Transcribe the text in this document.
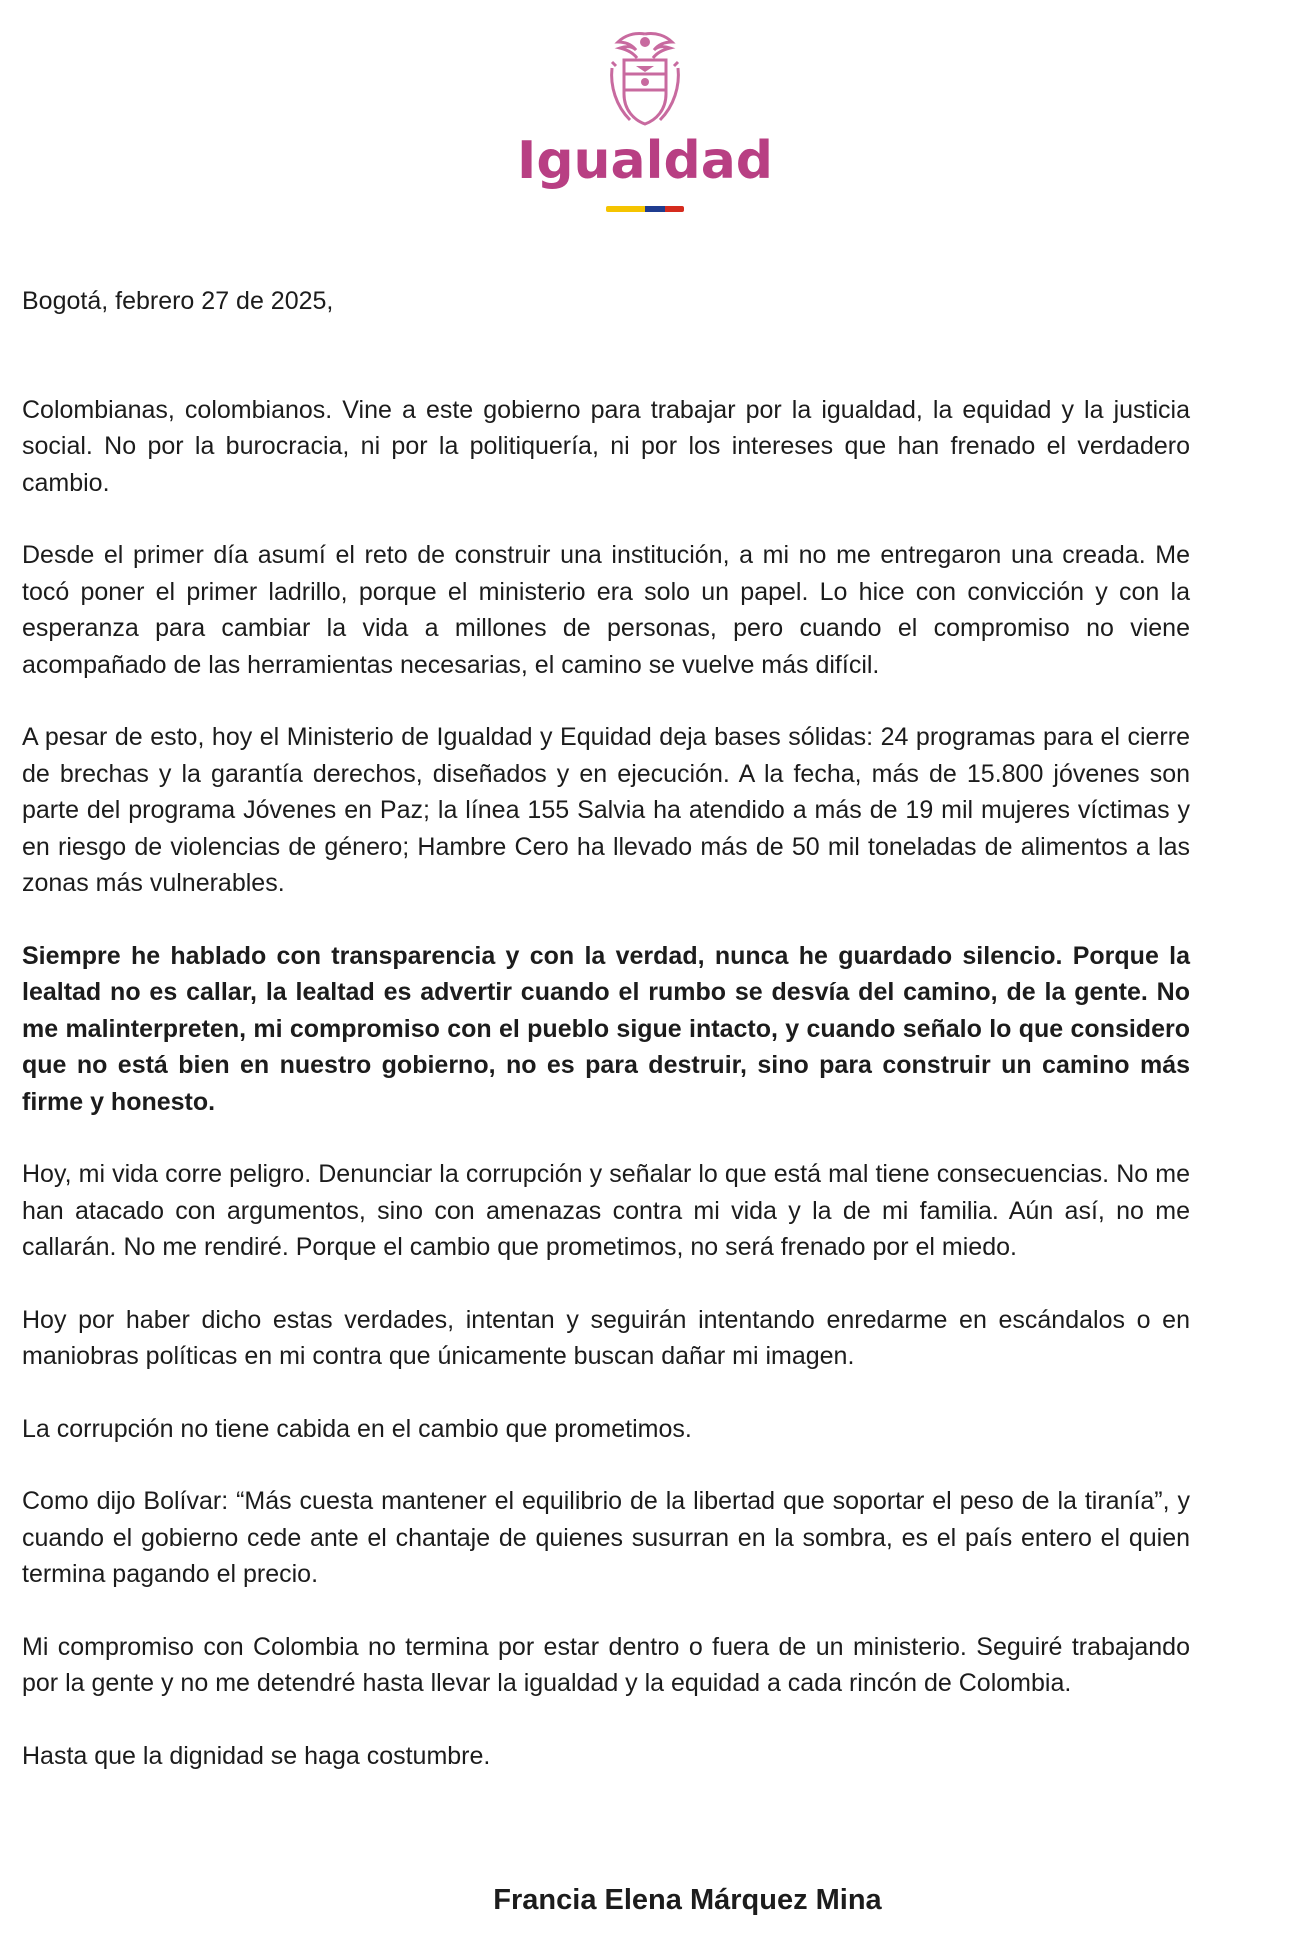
Igualdad

Bogotá, febrero 27 de 2025,

Colombianas, colombianos. Vine a este gobierno para trabajar por la igualdad, la equidad y la justicia social. No por la burocracia, ni por la politiquería, ni por los intereses que han frenado el verdadero cambio.

Desde el primer día asumí el reto de construir una institución, a mi no me entregaron una creada. Me tocó poner el primer ladrillo, porque el ministerio era solo un papel. Lo hice con convicción y con la esperanza para cambiar la vida a millones de personas, pero cuando el compromiso no viene acompañado de las herramientas necesarias, el camino se vuelve más difícil.

A pesar de esto, hoy el Ministerio de Igualdad y Equidad deja bases sólidas: 24 programas para el cierre de brechas y la garantía derechos, diseñados y en ejecución. A la fecha, más de 15.800 jóvenes son parte del programa Jóvenes en Paz; la línea 155 Salvia ha atendido a más de 19 mil mujeres víctimas y en riesgo de violencias de género; Hambre Cero ha llevado más de 50 mil toneladas de alimentos a las zonas más vulnerables.

Siempre he hablado con transparencia y con la verdad, nunca he guardado silencio. Porque la lealtad no es callar, la lealtad es advertir cuando el rumbo se desvía del camino, de la gente. No me malinterpreten, mi compromiso con el pueblo sigue intacto, y cuando señalo lo que considero que no está bien en nuestro gobierno, no es para destruir, sino para construir un camino más firme y honesto.

Hoy, mi vida corre peligro. Denunciar la corrupción y señalar lo que está mal tiene consecuencias. No me han atacado con argumentos, sino con amenazas contra mi vida y la de mi familia. Aún así, no me callarán. No me rendiré. Porque el cambio que prometimos, no será frenado por el miedo.

Hoy por haber dicho estas verdades, intentan y seguirán intentando enredarme en escándalos o en maniobras políticas en mi contra que únicamente buscan dañar mi imagen.

La corrupción no tiene cabida en el cambio que prometimos.

Como dijo Bolívar: “Más cuesta mantener el equilibrio de la libertad que soportar el peso de la tiranía”, y cuando el gobierno cede ante el chantaje de quienes susurran en la sombra, es el país entero el quien termina pagando el precio.

Mi compromiso con Colombia no termina por estar dentro o fuera de un ministerio. Seguiré trabajando por la gente y no me detendré hasta llevar la igualdad y la equidad a cada rincón de Colombia.

Hasta que la dignidad se haga costumbre.

Francia Elena Márquez Mina
